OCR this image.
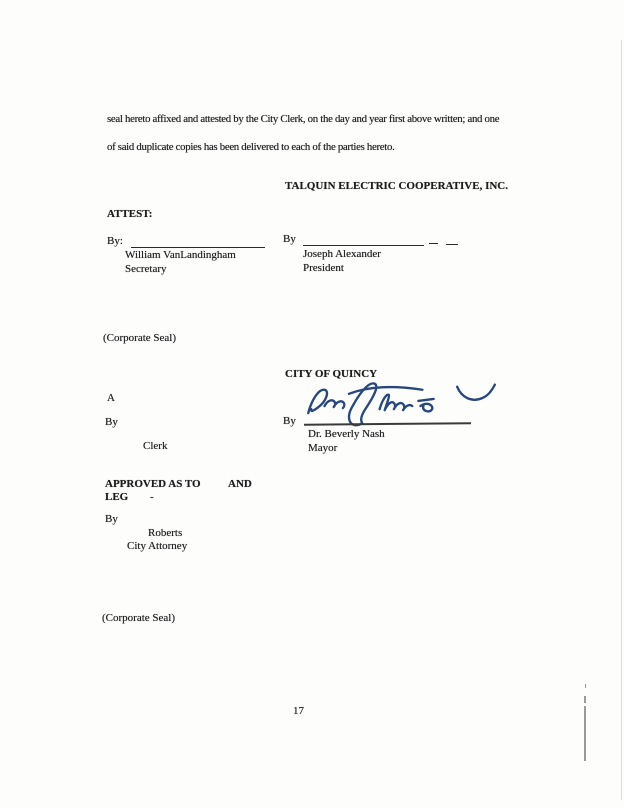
seal hereto affixed and attested by the City Clerk, on the day and year first above written; and one
of said duplicate copies has been delivered to each of the parties hereto.
TALQUIN ELECTRIC COOPERATIVE, INC.
ATTEST:
By:
William VanLandingham
Secretary
By
Joseph Alexander
President
(Corporate Seal)
CITY OF QUINCY
A
By
Clerk
By
Dr. Beverly Nash
Mayor
APPROVED AS TO AND
LEG -
By
Roberts
City Attorney
(Corporate Seal)
17
